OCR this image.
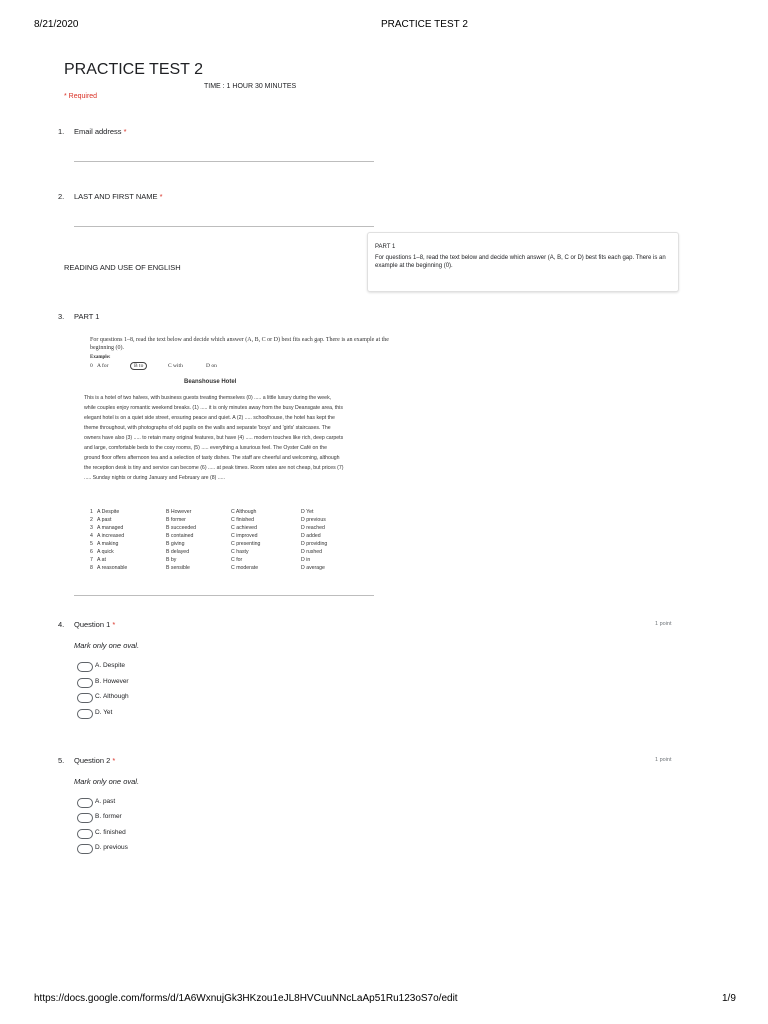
8/21/2020	PRACTICE TEST 2
PRACTICE TEST 2
TIME : 1 HOUR 30 MINUTES
* Required
1. Email address *
2. LAST AND FIRST NAME *
PART 1
For questions 1–8, read the text below and decide which answer (A, B, C or D) best fits each gap. There is an example at the beginning (0).
READING AND USE OF ENGLISH
3. PART 1
For questions 1–8, read the text below and decide which answer (A, B, C or D) best fits each gap. There is an example at the beginning (0).
Example:
0 A for	B to	C with	D on
Beanshouse Hotel
This is a hotel of two halves, with business guests treating themselves (0) ..... a little luxury during the week, while couples enjoy romantic weekend breaks. (1) ..... it is only minutes away from the busy Deansgate area, this elegant hotel is on a quiet side street, ensuring peace and quiet. A (2) ..... schoolhouse, the hotel has kept the theme throughout, with photographs of old pupils on the walls and separate 'boys' and 'girls' staircases. The owners have also (3) ..... to retain many original features, but have (4) ..... modern touches like rich, deep carpets and large, comfortable beds to the cosy rooms, (5) ..... everything a luxurious feel. The Oyster Café on the ground floor offers afternoon tea and a selection of tasty dishes. The staff are cheerful and welcoming, although the reception desk is tiny and service can become (6) ..... at peak times. Room rates are not cheap, but prices (7) ..... Sunday nights or during January and February are (8) .....
1 A Despite	B However	C Although	D Yet
2 A past	B former	C finished	D previous
3 A managed	B succeeded	C achieved	D reached
4 A increased	B contained	C improved	D added
5 A making	B giving	C presenting	D providing
6 A quick	B delayed	C hasty	D rushed
7 A at	B by	C for	D in
8 A reasonable	B sensible	C moderate	D average
4. Question 1 *	1 point
Mark only one oval.
A. Despite
B. However
C. Although
D. Yet
5. Question 2 *	1 point
Mark only one oval.
A. past
B. former
C. finished
D. previous
https://docs.google.com/forms/d/1A6WxnujGk3HKzou1eJL8HVCuuNNcLaAp51Ru123oS7o/edit	1/9
